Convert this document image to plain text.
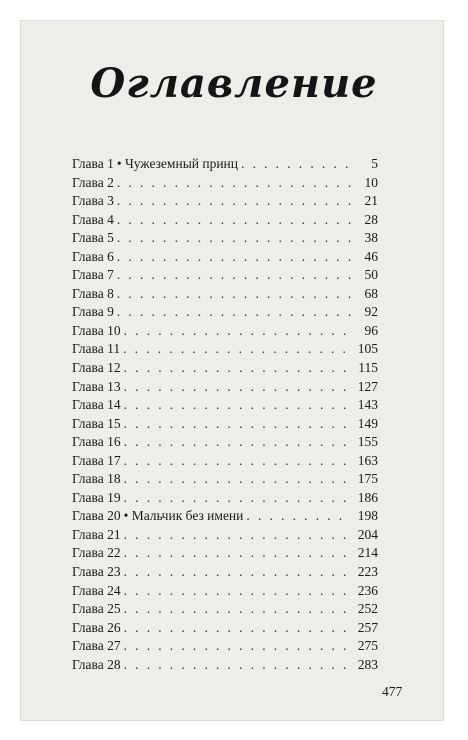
Оглавление
Глава 1 • Чужеземный принц . . .	5
Глава 2 . . .	10
Глава 3 . . .	21
Глава 4 . . .	28
Глава 5 . . .	38
Глава 6 . . .	46
Глава 7 . . .	50
Глава 8 . . .	68
Глава 9 . . .	92
Глава 10 . . .	96
Глава 11 . . .	105
Глава 12 . . .	115
Глава 13 . . .	127
Глава 14 . . .	143
Глава 15 . . .	149
Глава 16 . . .	155
Глава 17 . . .	163
Глава 18 . . .	175
Глава 19 . . .	186
Глава 20 • Мальчик без имени . . .	198
Глава 21 . . .	204
Глава 22 . . .	214
Глава 23 . . .	223
Глава 24 . . .	236
Глава 25 . . .	252
Глава 26 . . .	257
Глава 27 . . .	275
Глава 28 . . .	283
477
